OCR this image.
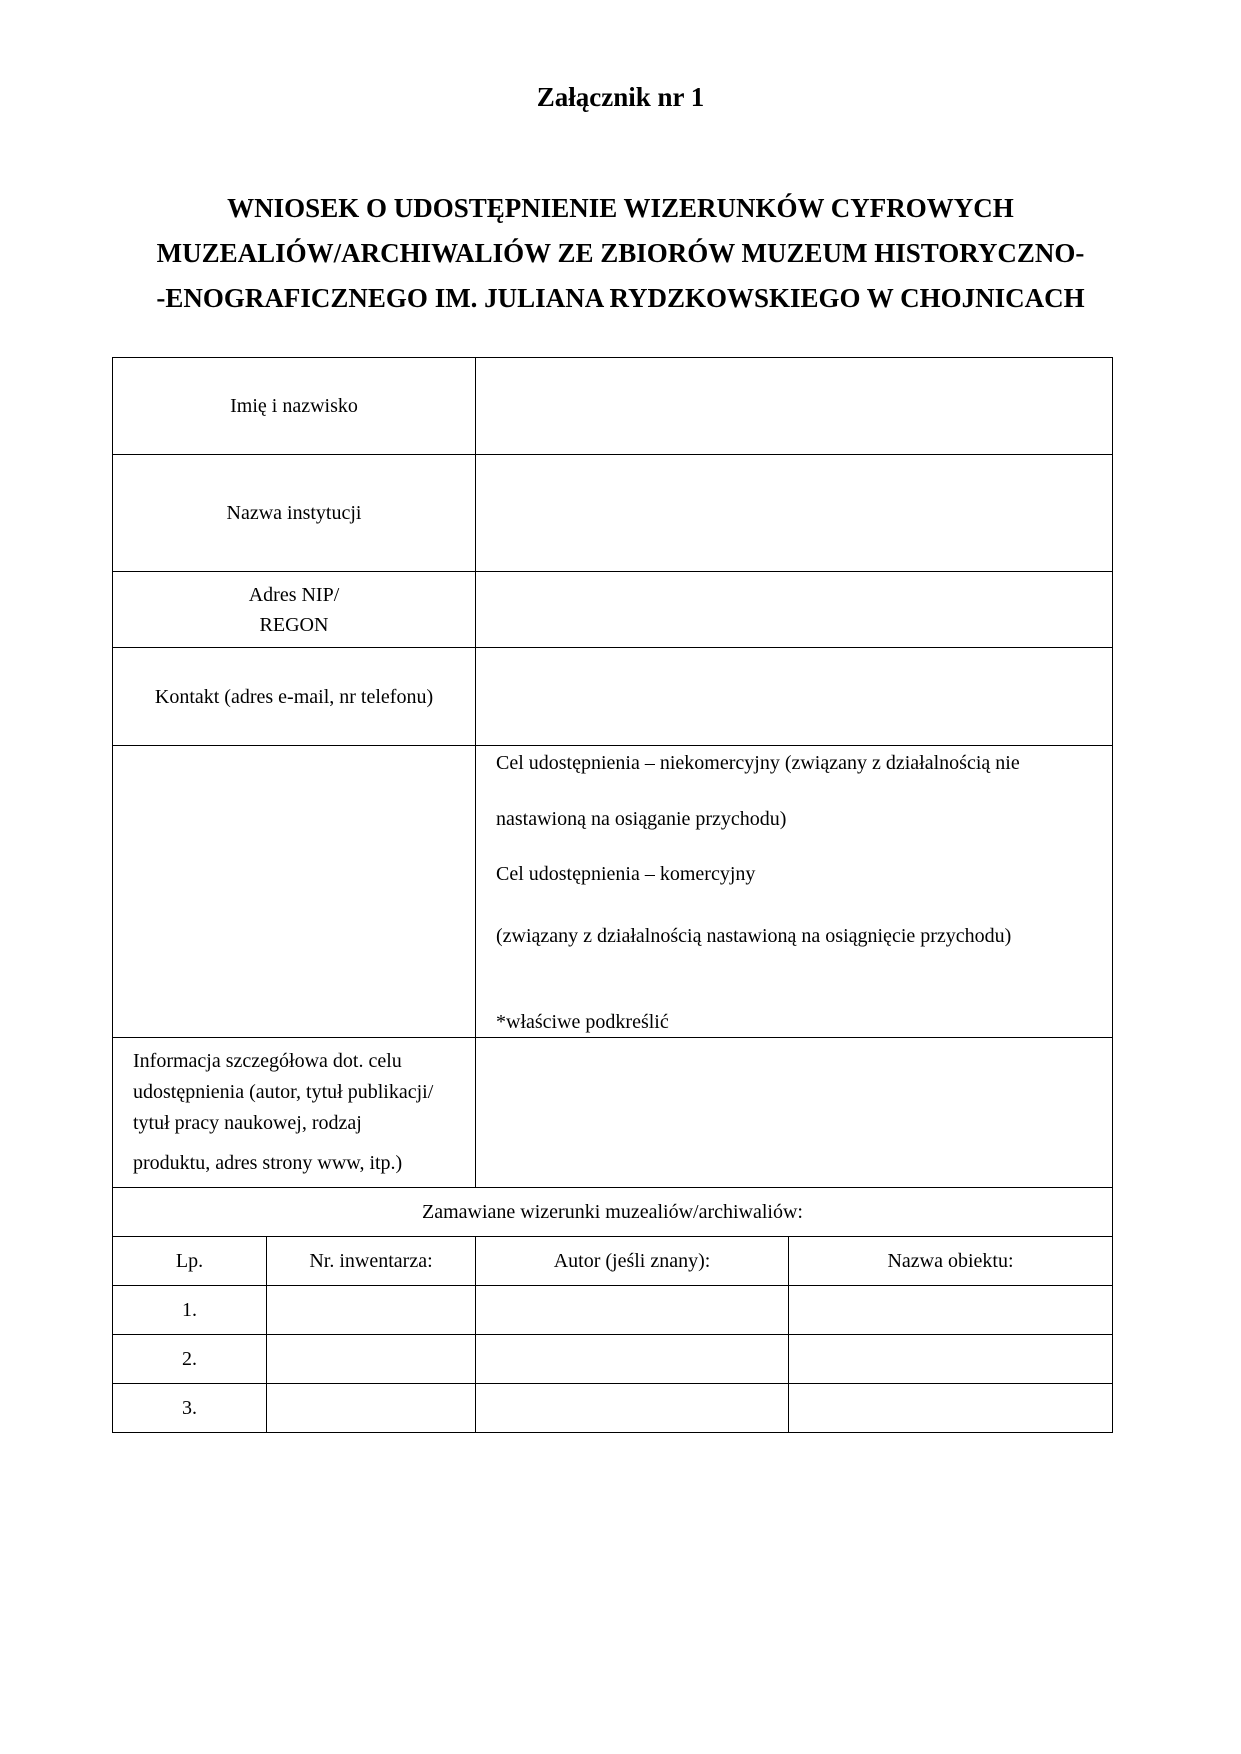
Załącznik nr 1
WNIOSEK O UDOSTĘPNIENIE WIZERUNKÓW CYFROWYCH
MUZEALIÓW/ARCHIWALIÓW ZE ZBIORÓW MUZEUM HISTORYCZNO-
-ENOGRAFICZNEGO IM. JULIANA RYDZKOWSKIEGO W CHOJNICACH
Imię i nazwisko			
Nazwa instytucji			

Adres NIP/
REGON			

Kontakt (adres e-mail, nr telefonu)			

		Cel udostępnienia – niekomercyjny (związany z działalnością nie

nastawioną na osiąganie przychodu)

Cel udostępnienia – komercyjny

(związany z działalnością nastawioną na osiągnięcie przychodu)

*właściwe podkreślić	

Informacja szczegółowa dot. celu
udostępnienia (autor, tytuł publikacji/
tytuł pracy naukowej, rodzaj
produktu, adres strony www, itp.)			

Zamawiane wizerunki muzealiów/archiwaliów:			
Lp.	Nr. inwentarza:	Autor (jeśli znany):	Nazwa obiektu:
1.			
2.			
3.			
